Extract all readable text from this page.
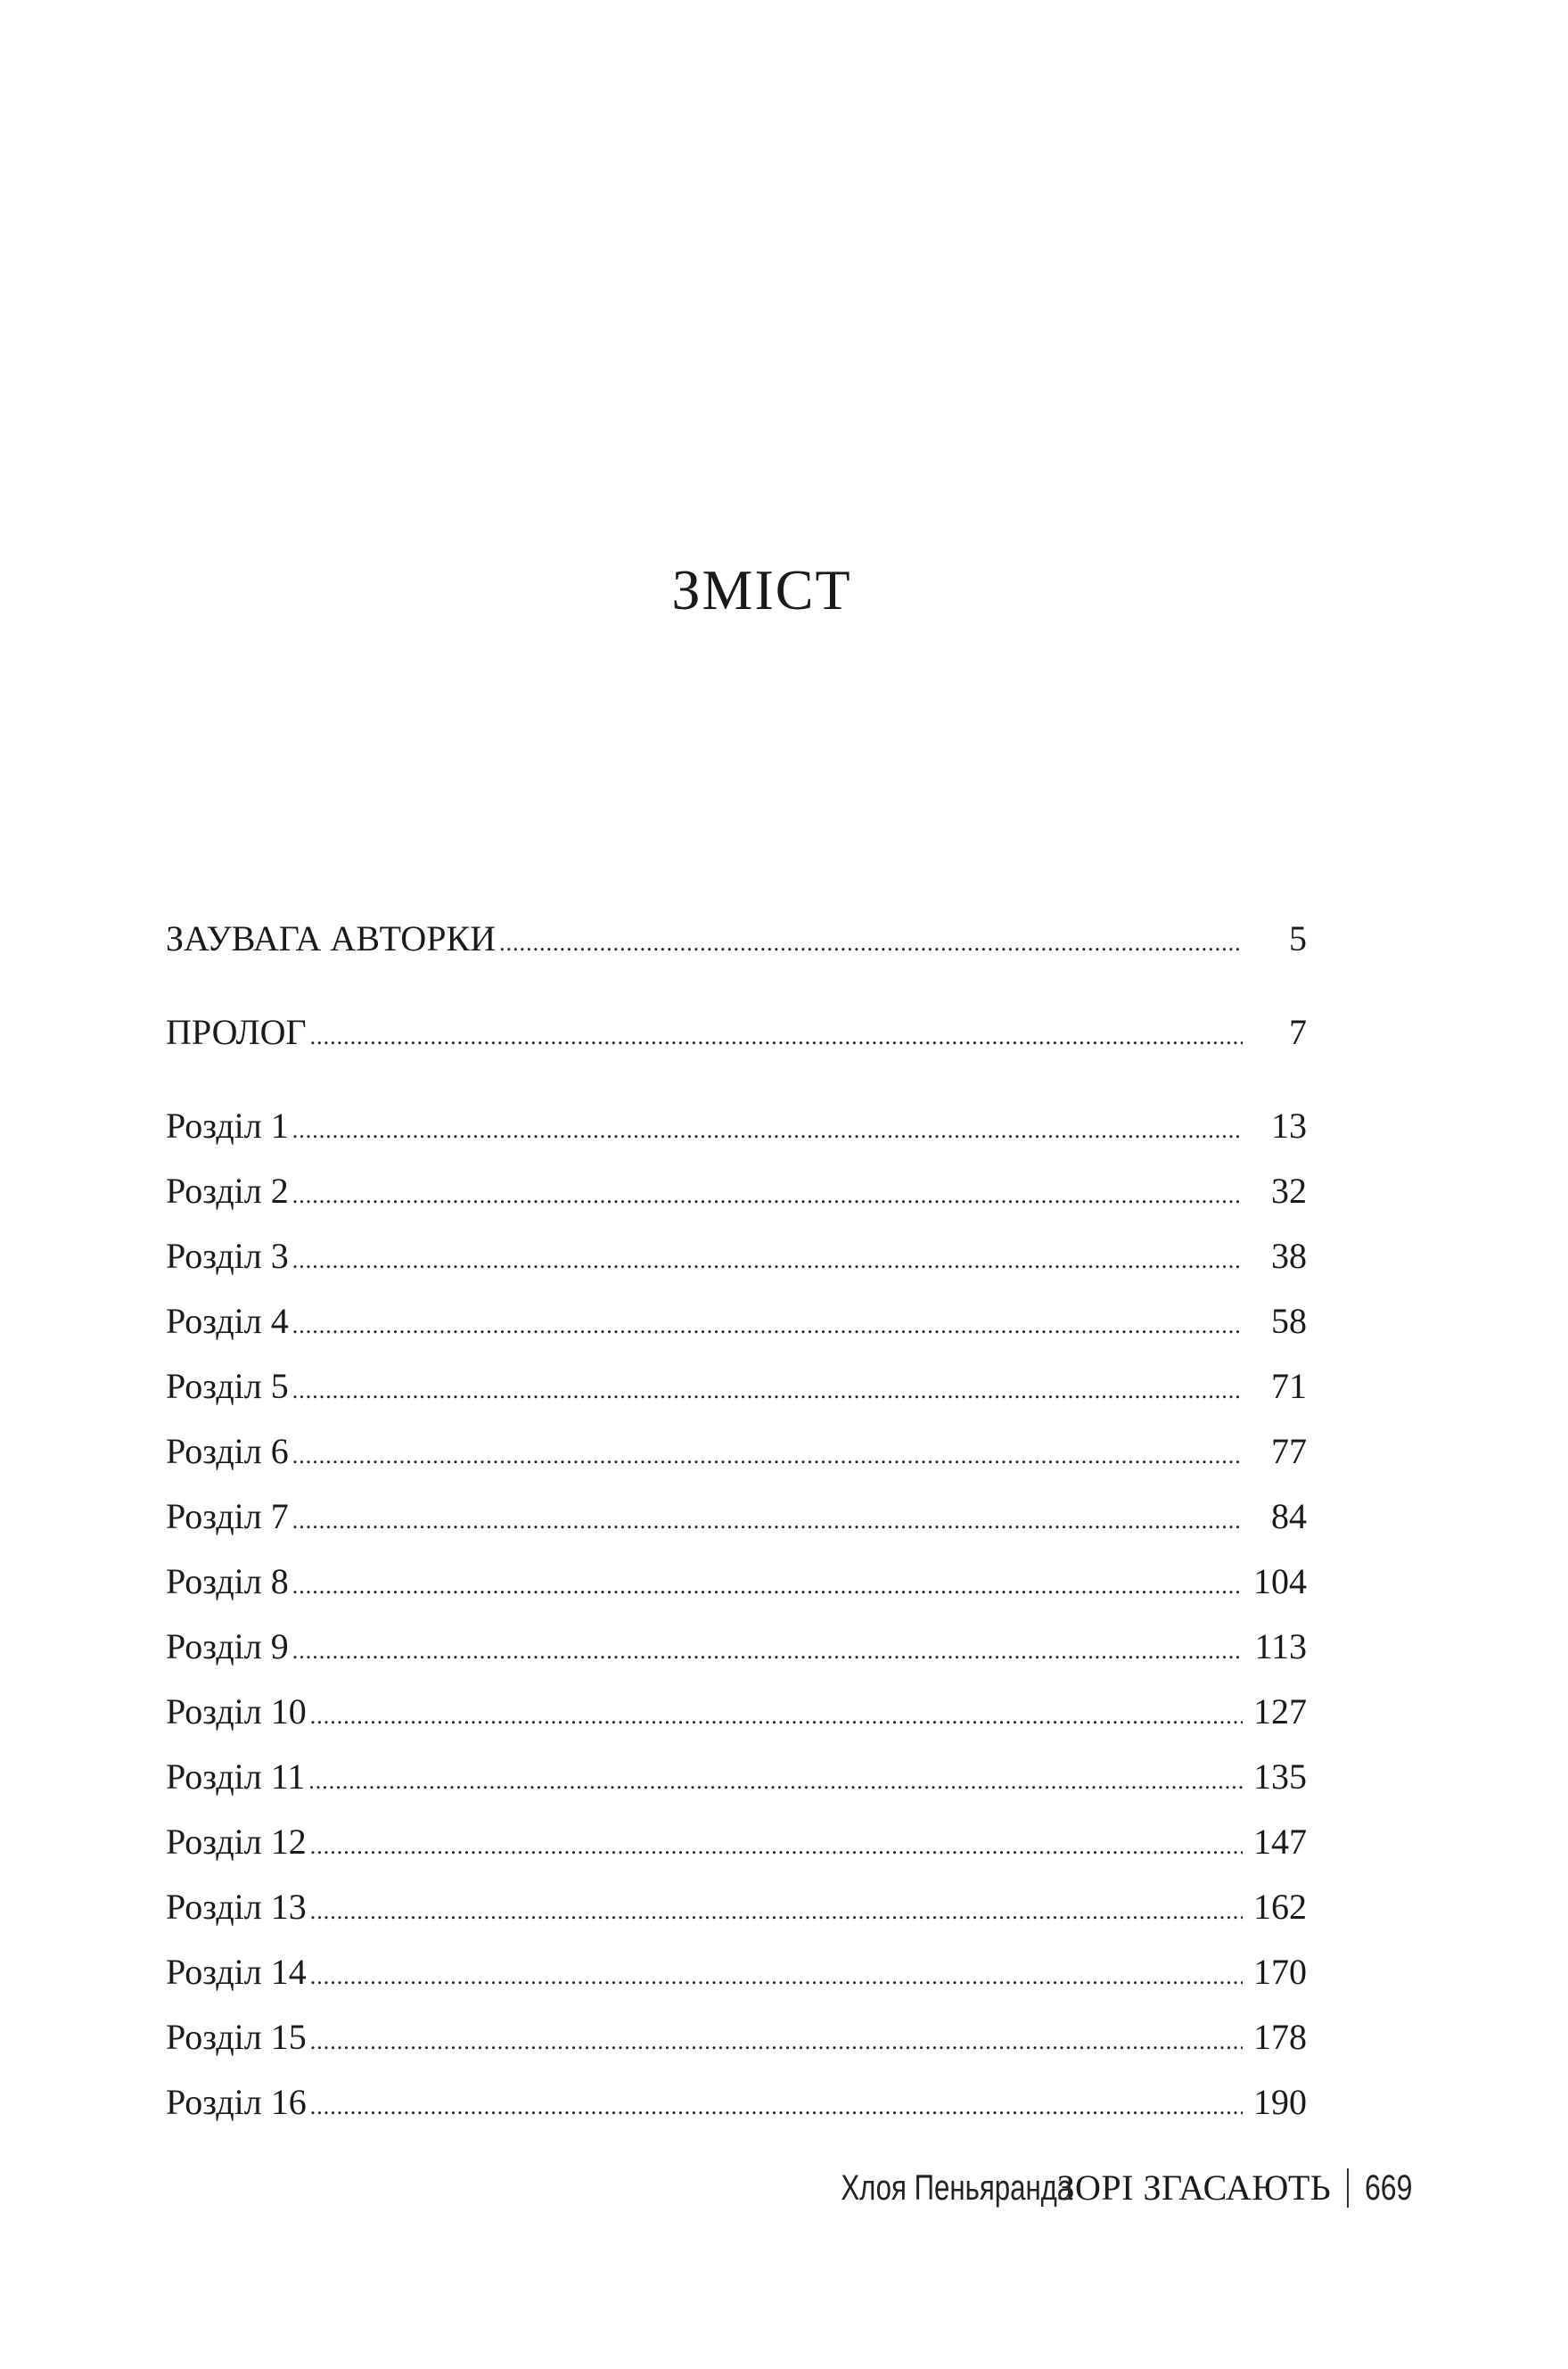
ЗМІСТ
ЗАУВАГА АВТОРКИ .....	5
ПРОЛОГ .....	7
Розділ 1 .....	13
Розділ 2 .....	32
Розділ 3 .....	38
Розділ 4 .....	58
Розділ 5 .....	71
Розділ 6 .....	77
Розділ 7 .....	84
Розділ 8 .....	104
Розділ 9 .....	113
Розділ 10 .....	127
Розділ 11 .....	135
Розділ 12 .....	147
Розділ 13 .....	162
Розділ 14 .....	170
Розділ 15 .....	178
Розділ 16 .....	190
Хлоя Пеньяранда
ЗОРІ ЗГАСАЮТЬ 669
